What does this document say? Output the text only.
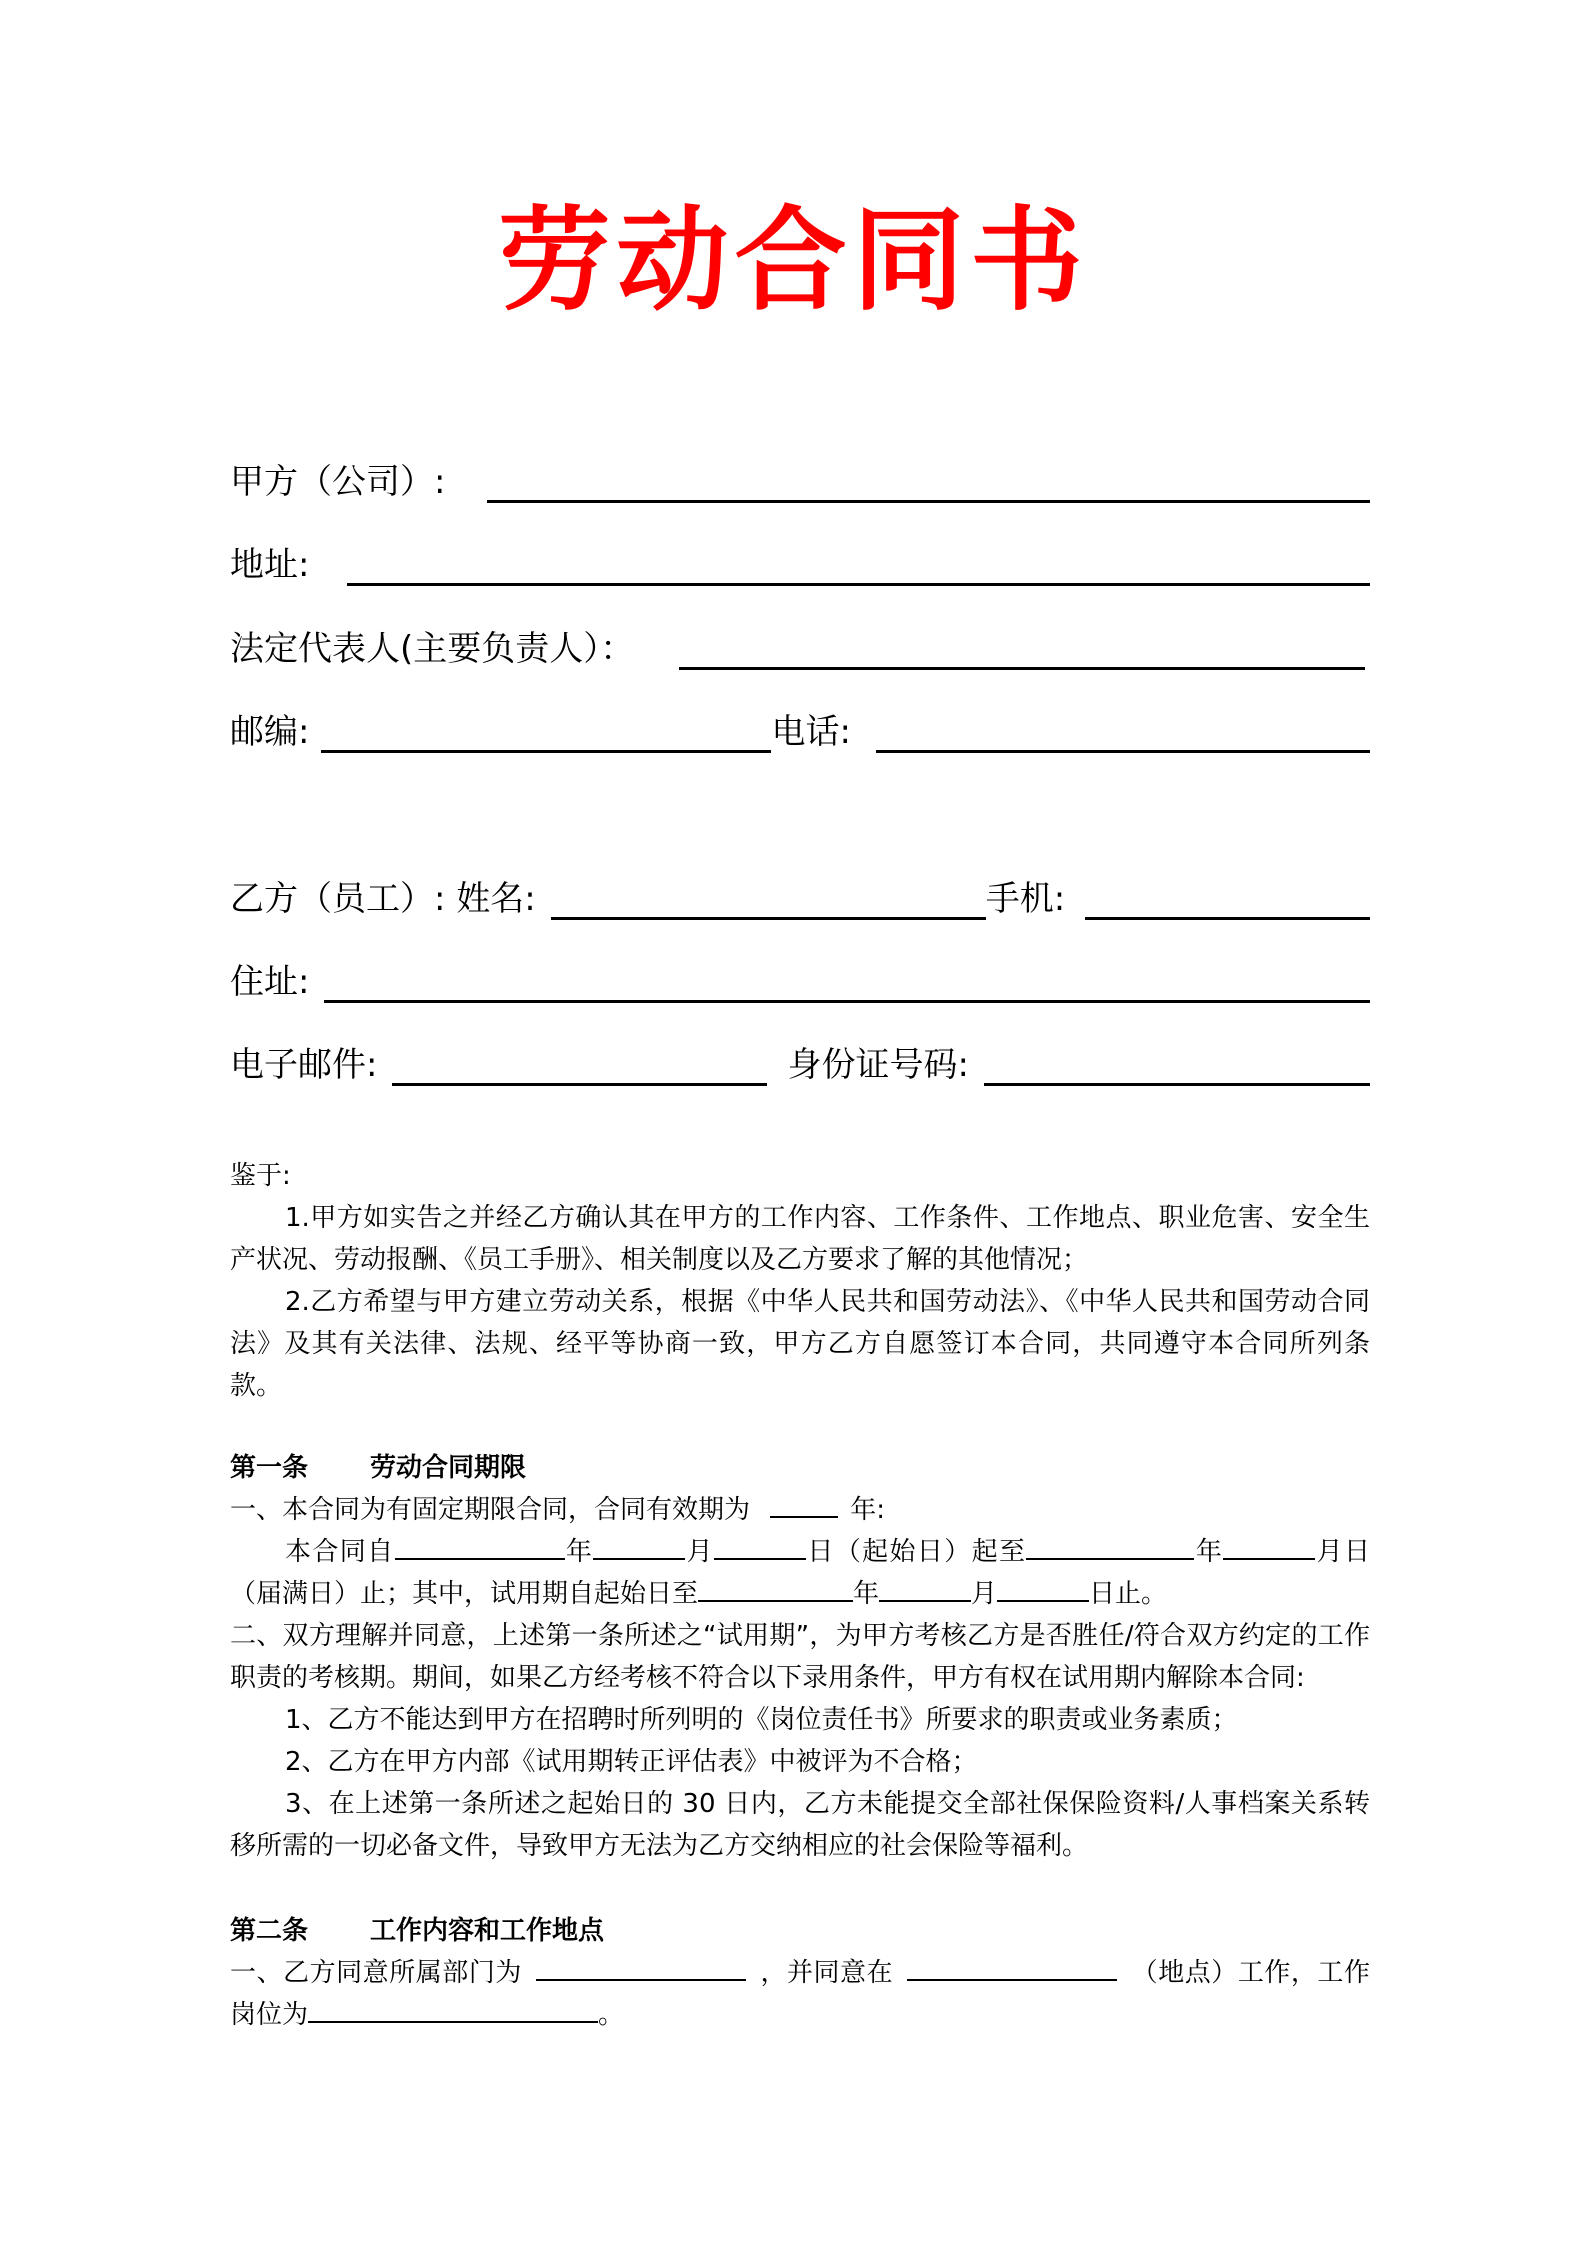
劳动合同书
甲方（公司）:
地址:
法定代表人(主要负责人）：
邮编:	电话:
乙方（员工）: 姓名:	手机:
住址:
电子邮件:	身份证号码:

鉴于:

1.甲方如实告之并经乙方确认其在甲方的工作内容、工作条件、工作地点、职业危害、安全生产状况、劳动报酬、《员工手册》、相关制度以及乙方要求了解的其他情况；

2.乙方希望与甲方建立劳动关系，根据《中华人民共和国劳动法》、《中华人民共和国劳动合同法》及其有关法律、法规、经平等协商一致，甲方乙方自愿签订本合同，共同遵守本合同所列条款。

第一条 劳动合同期限

一、本合同为有固定期限合同，合同有效期为	年:

本合同自	年	月	日（起始日）起至	年	月日（届满日）止；其中，试用期自起始日至	年	月	日止。

二、双方理解并同意，上述第一条所述之“试用期”，为甲方考核乙方是否胜任/符合双方约定的工作职责的考核期。期间，如果乙方经考核不符合以下录用条件，甲方有权在试用期内解除本合同:

1、乙方不能达到甲方在招聘时所列明的《岗位责任书》所要求的职责或业务素质；

2、乙方在甲方内部《试用期转正评估表》中被评为不合格；

3、在上述第一条所述之起始日的 30 日内，乙方未能提交全部社保保险资料/人事档案关系转移所需的一切必备文件，导致甲方无法为乙方交纳相应的社会保险等福利。

第二条 工作内容和工作地点

一、乙方同意所属部门为	，并同意在	（地点）工作，工作岗位为	。
